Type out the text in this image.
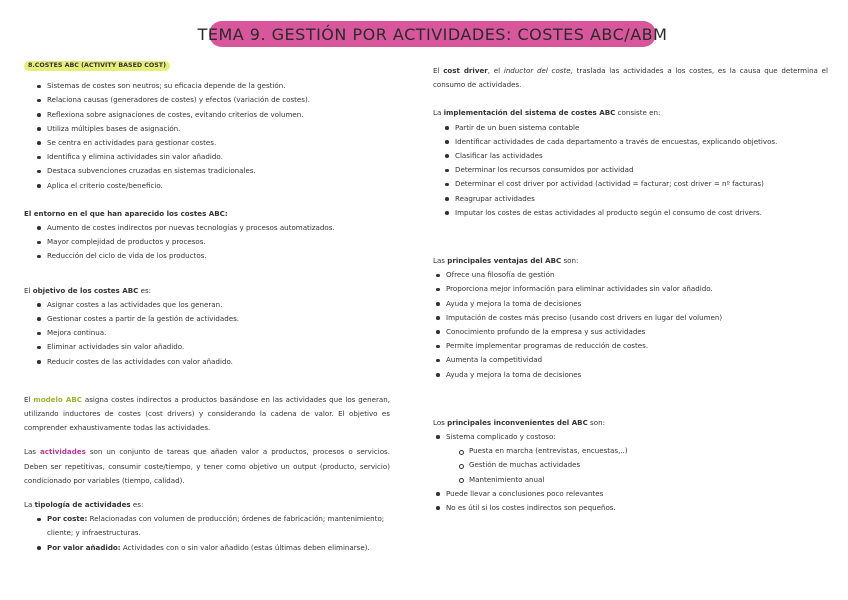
TEMA 9. GESTIÓN POR ACTIVIDADES: COSTES ABC/ABM
8.COSTES ABC (ACTIVITY BASED COST)
Sistemas de costes son neutros; su eficacia depende de la gestión.
Relaciona causas (generadores de costes) y efectos (variación de costes).
Reflexiona sobre asignaciones de costes, evitando criterios de volumen.
Utiliza múltiples bases de asignación.
Se centra en actividades para gestionar costes.
Identifica y elimina actividades sin valor añadido.
Destaca subvenciones cruzadas en sistemas tradicionales.
Aplica el criterio coste/beneficio.

El entorno en el que han aparecido los costes ABC:

Aumento de costes indirectos por nuevas tecnologías y procesos automatizados.
Mayor complejidad de productos y procesos.
Reducción del ciclo de vida de los productos.

El objetivo de los costes ABC es:

Asignar costes a las actividades que los generan.
Gestionar costes a partir de la gestión de actividades.
Mejora continua.
Eliminar actividades sin valor añadido.
Reducir costes de las actividades con valor añadido.

El modelo ABC asigna costes indirectos a productos basándose en las actividades que los generan, utilizando inductores de costes (cost drivers) y considerando la cadena de valor. El objetivo es comprender exhaustivamente todas las actividades.

Las actividades son un conjunto de tareas que añaden valor a productos, procesos o servicios. Deben ser repetitivas, consumir coste/tiempo, y tener como objetivo un output (producto, servicio) condicionado por variables (tiempo, calidad).

La tipología de actividades es:

Por coste: Relacionadas con volumen de producción; órdenes de fabricación; mantenimiento; cliente; y infraestructuras.
Por valor añadido: Actividades con o sin valor añadido (estas últimas deben eliminarse).

El cost driver, el inductor del coste, traslada las actividades a los costes, es la causa que determina el consumo de actividades.

La implementación del sistema de costes ABC consiste en:

Partir de un buen sistema contable
Identificar actividades de cada departamento a través de encuestas, explicando objetivos.
Clasificar las actividades
Determinar los recursos consumidos por actividad
Determinar el cost driver por actividad (actividad = facturar; cost driver = nº facturas)
Reagrupar actividades
Imputar los costes de estas actividades al producto según el consumo de cost drivers.

Las principales ventajas del ABC son:

Ofrece una filosofía de gestión
Proporciona mejor información para eliminar actividades sin valor añadido.
Ayuda y mejora la toma de decisiones
Imputación de costes más preciso (usando cost drivers en lugar del volumen)
Conocimiento profundo de la empresa y sus actividades
Permite implementar programas de reducción de costes.
Aumenta la competitividad
Ayuda y mejora la toma de decisiones

Los principales inconvenientes del ABC son:

Sistema complicado y costoso:
Puesta en marcha (entrevistas, encuestas,..)
Gestión de muchas actividades
Mantenimiento anual
Puede llevar a conclusiones poco relevantes
No es útil si los costes indirectos son pequeños.
